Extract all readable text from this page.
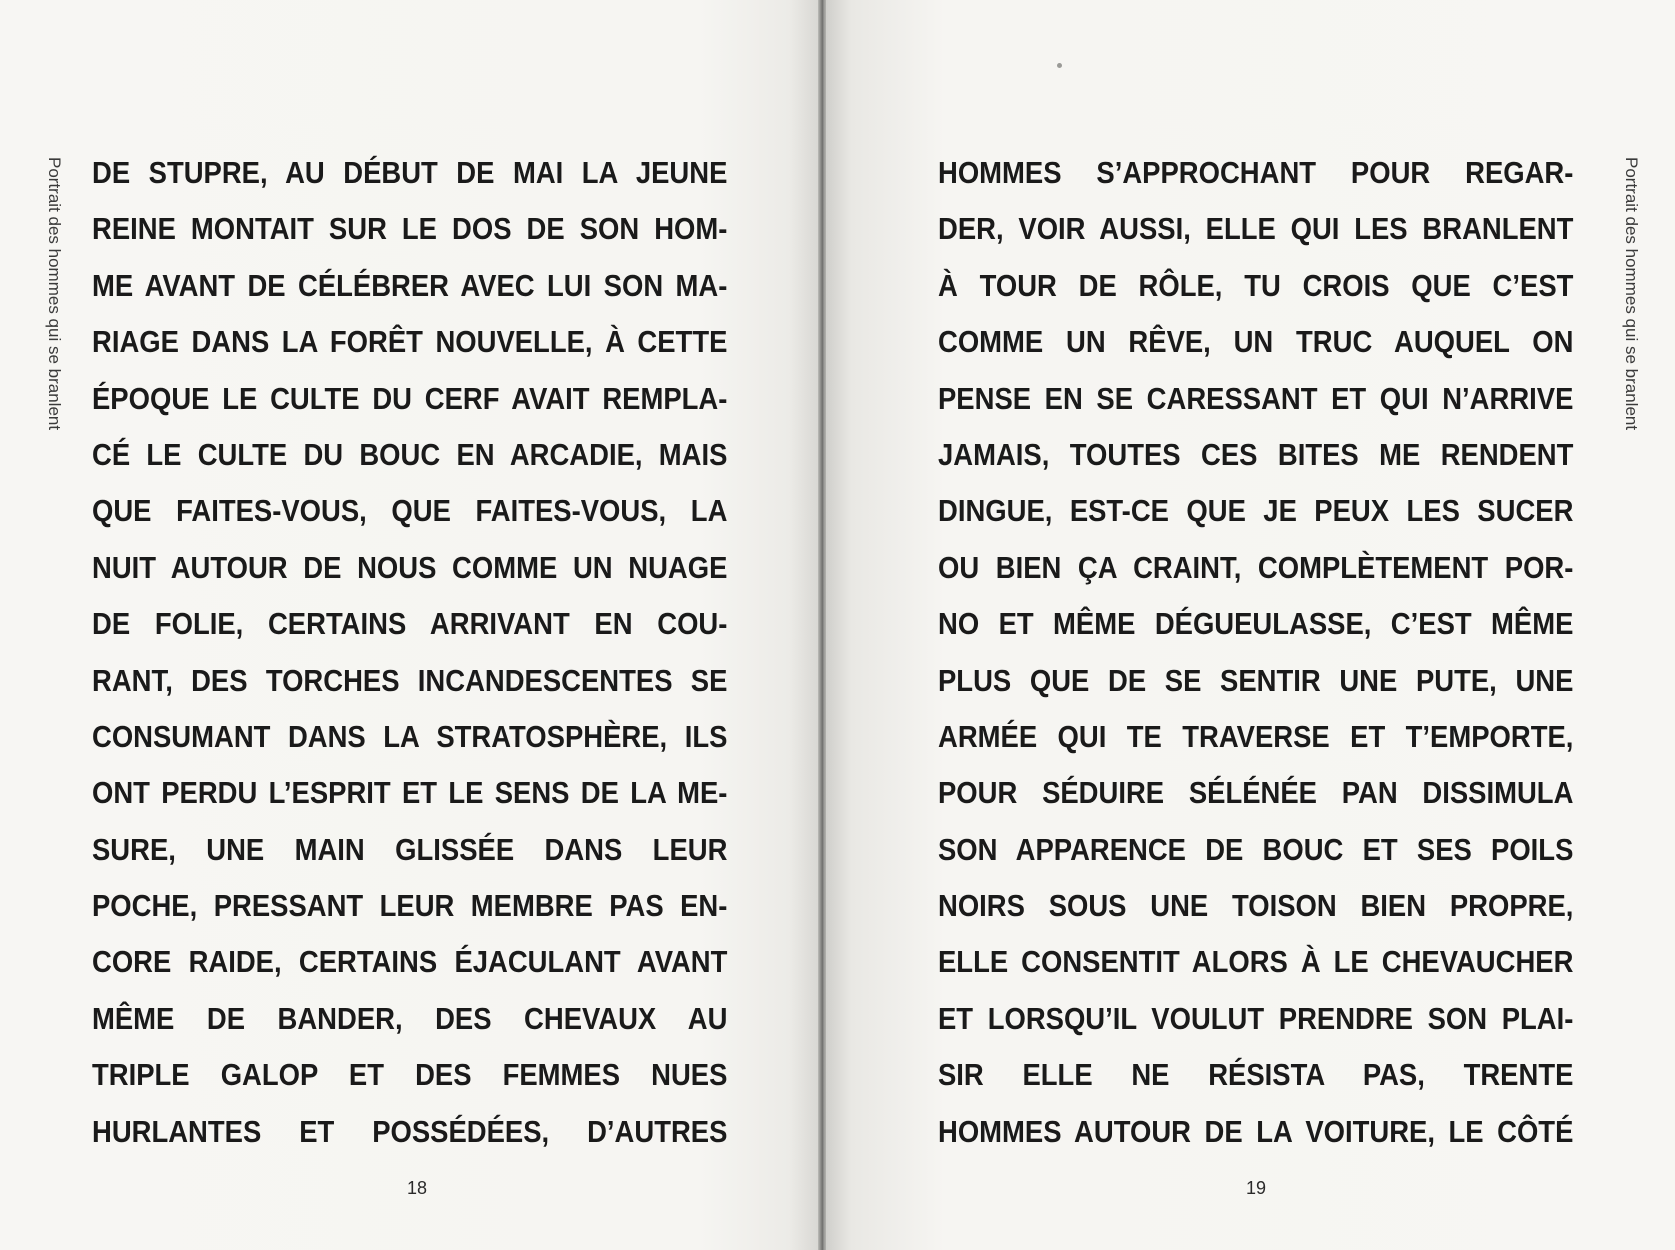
Portrait des hommes qui se branlent DE STUPRE, AU DÉBUT DE MAI LA JEUNE
REINE MONTAIT SUR LE DOS DE SON HOM-
ME AVANT DE CÉLÉBRER AVEC LUI SON MA-
RIAGE DANS LA FORÊT NOUVELLE, À CETTE
ÉPOQUE LE CULTE DU CERF AVAIT REMPLA-
CÉ LE CULTE DU BOUC EN ARCADIE, MAIS
QUE FAITES-VOUS, QUE FAITES-VOUS, LA
NUIT AUTOUR DE NOUS COMME UN NUAGE
DE FOLIE, CERTAINS ARRIVANT EN COU-
RANT, DES TORCHES INCANDESCENTES SE
CONSUMANT DANS LA STRATOSPHÈRE, ILS
ONT PERDU L’ESPRIT ET LE SENS DE LA ME-
SURE, UNE MAIN GLISSÉE DANS LEUR
POCHE, PRESSANT LEUR MEMBRE PAS EN-
CORE RAIDE, CERTAINS ÉJACULANT AVANT
MÊME DE BANDER, DES CHEVAUX AU
TRIPLE GALOP ET DES FEMMES NUES
HURLANTES ET POSSÉDÉES, D’AUTRES
18
Portrait des hommes qui se branlent
HOMMES S’APPROCHANT POUR REGAR-
DER, VOIR AUSSI, ELLE QUI LES BRANLENT
À TOUR DE RÔLE, TU CROIS QUE C’EST
COMME UN RÊVE, UN TRUC AUQUEL ON
PENSE EN SE CARESSANT ET QUI N’ARRIVE
JAMAIS, TOUTES CES BITES ME RENDENT
DINGUE, EST-CE QUE JE PEUX LES SUCER
OU BIEN ÇA CRAINT, COMPLÈTEMENT POR-
NO ET MÊME DÉGUEULASSE, C’EST MÊME
PLUS QUE DE SE SENTIR UNE PUTE, UNE
ARMÉE QUI TE TRAVERSE ET T’EMPORTE,
POUR SÉDUIRE SÉLÉNÉE PAN DISSIMULA
SON APPARENCE DE BOUC ET SES POILS
NOIRS SOUS UNE TOISON BIEN PROPRE,
ELLE CONSENTIT ALORS À LE CHEVAUCHER
ET LORSQU’IL VOULUT PRENDRE SON PLAI-
SIR ELLE NE RÉSISTA PAS, TRENTE
HOMMES AUTOUR DE LA VOITURE, LE CÔTÉ
19
